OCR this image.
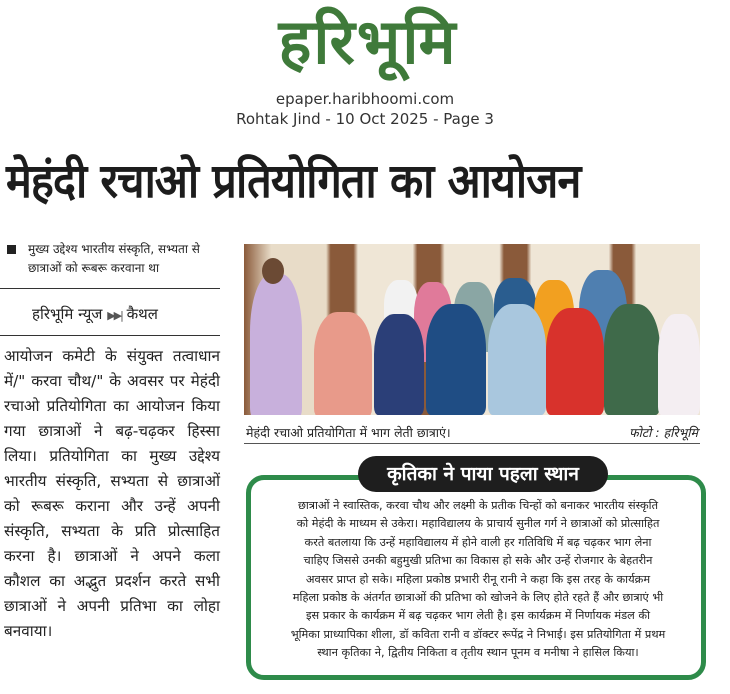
हरिभूमि
epaper.haribhoomi.com
Rohtak Jind - 10 Oct 2025 - Page 3
मेहंदी रचाओ प्रतियोगिता का आयोजन
मुख्य उद्देश्य भारतीय संस्कृति, सभ्यता से छात्राओं को रूबरू करवाना था
हरिभूमि न्यूज ▶▶| कैथल
आयोजन कमेटी के संयुक्त तत्वाधान में/" करवा चौथ/" के अवसर पर मेहंदी रचाओ प्रतियोगिता का आयोजन किया गया छात्राओं ने बढ़-चढ़कर हिस्सा लिया। प्रतियोगिता का मुख्य उद्देश्य भारतीय संस्कृति, सभ्यता से छात्राओं को रूबरू कराना और उन्हें अपनी संस्कृति, सभ्यता के प्रति प्रोत्साहित करना है। छात्राओं ने अपने कला कौशल का अद्भुत प्रदर्शन करते सभी छात्राओं ने अपनी प्रतिभा का लोहा बनवाया।
मेहंदी रचाओ प्रतियोगिता में भाग लेती छात्राएं।	फोटो : हरिभूमि
कृतिका ने पाया पहला स्थान
छात्राओं ने स्वास्तिक, करवा चौथ और लक्ष्मी के प्रतीक चिन्हों को बनाकर भारतीय संस्कृति
को मेहंदी के माध्यम से उकेरा। महाविद्यालय के प्राचार्य सुनील गर्ग ने छात्राओं को प्रोत्साहित
करते बतलाया कि उन्हें महाविद्यालय में होने वाली हर गतिविधि में बढ़ चढ़कर भाग लेना
चाहिए जिससे उनकी बहुमुखी प्रतिभा का विकास हो सके और उन्हें रोजगार के बेहतरीन
अवसर प्राप्त हो सके। महिला प्रकोष्ठ प्रभारी रीनू रानी ने कहा कि इस तरह के कार्यक्रम
महिला प्रकोष्ठ के अंतर्गत छात्राओं की प्रतिभा को खोजने के लिए होते रहते हैं और छात्राएं भी
इस प्रकार के कार्यक्रम में बढ़ चढ़कर भाग लेती है। इस कार्यक्रम में निर्णायक मंडल की
भूमिका प्राध्यापिका शीला, डॉ कविता रानी व डॉक्टर रूपेंद्र ने निभाई। इस प्रतियोगिता में प्रथम
स्थान कृतिका ने, द्वितीय निकिता व तृतीय स्थान पूनम व मनीषा ने हासिल किया।
